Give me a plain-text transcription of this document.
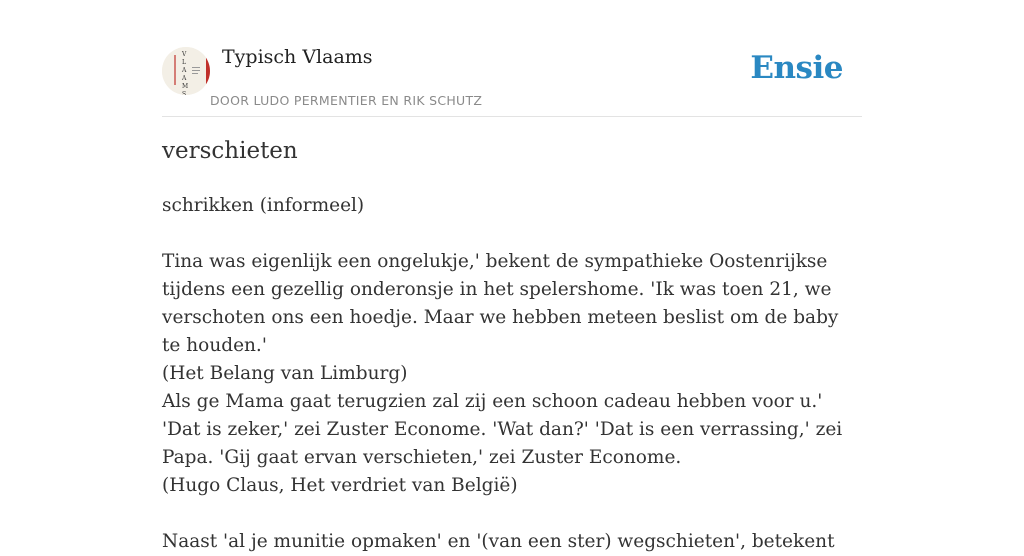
V
L
A
A
M
S
Typisch Vlaams
DOOR LUDO PERMENTIER EN RIK SCHUTZ
Ensie
verschieten

schrikken (informeel)

Tina was eigenlijk een ongelukje,' bekent de sympathieke Oostenrijkse tijdens een gezellig onderonsje in het spelershome. 'Ik was toen 21, we verschoten ons een hoedje. Maar we hebben meteen beslist om de baby te houden.'

(Het Belang van Limburg)

Als ge Mama gaat terugzien zal zij een schoon cadeau hebben voor u.' 'Dat is zeker,' zei Zuster Econome. 'Wat dan?' 'Dat is een verrassing,' zei Papa. 'Gij gaat ervan verschieten,' zei Zuster Econome.

(Hugo Claus, Het verdriet van België)

Naast 'al je munitie opmaken' en '(van een ster) wegschieten', betekent
